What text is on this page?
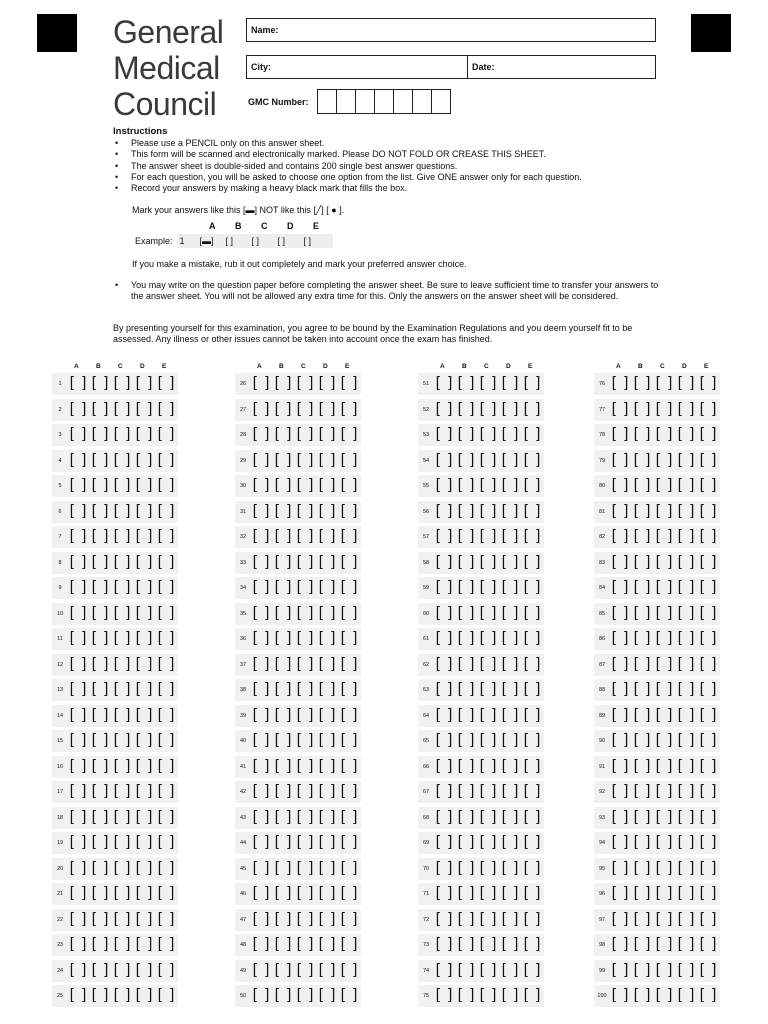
General
Medical
Council
Name:
City:	Date:
GMC Number:
Instructions
• Please use a PENCIL only on this answer sheet.
• This form will be scanned and electronically marked. Please DO NOT FOLD OR CREASE THIS SHEET.
• The answer sheet is double-sided and contains 200 single best answer questions.
• For each question, you will be asked to choose one option from the list. Give ONE answer only for each question.
• Record your answers by making a heavy black mark that fills the box.
Mark your answers like this [▬] NOT like this [╱] [ ● ].
A	B	C	D	E
Example: 1	[▬]	[ ]	[ ]	[ ]	[ ]
If you make a mistake, rub it out completely and mark your preferred answer choice.
• You may write on the question paper before completing the answer sheet. Be sure to leave sufficient time to transfer your answers to the answer sheet. You will not be allowed any extra time for this. Only the answers on the answer sheet will be considered.
By presenting yourself for this examination, you agree to be bound by the Examination Regulations and you deem yourself fit to be assessed. Any illness or other issues cannot be taken into account once the exam has finished.
A	B	C	D	E
1 [ ] [ ] [ ] [ ] [ ]
2 [ ] [ ] [ ] [ ] [ ]
3 [ ] [ ] [ ] [ ] [ ]
4 [ ] [ ] [ ] [ ] [ ]
5 [ ] [ ] [ ] [ ] [ ]
6 [ ] [ ] [ ] [ ] [ ]
7 [ ] [ ] [ ] [ ] [ ]
8 [ ] [ ] [ ] [ ] [ ]
9 [ ] [ ] [ ] [ ] [ ]
10 [ ] [ ] [ ] [ ] [ ]
11 [ ] [ ] [ ] [ ] [ ]
12 [ ] [ ] [ ] [ ] [ ]
13 [ ] [ ] [ ] [ ] [ ]
14 [ ] [ ] [ ] [ ] [ ]
15 [ ] [ ] [ ] [ ] [ ]
16 [ ] [ ] [ ] [ ] [ ]
17 [ ] [ ] [ ] [ ] [ ]
18 [ ] [ ] [ ] [ ] [ ]
19 [ ] [ ] [ ] [ ] [ ]
20 [ ] [ ] [ ] [ ] [ ]
21 [ ] [ ] [ ] [ ] [ ]
22 [ ] [ ] [ ] [ ] [ ]
23 [ ] [ ] [ ] [ ] [ ]
24 [ ] [ ] [ ] [ ] [ ]
25 [ ] [ ] [ ] [ ] [ ]
A	B	C	D	E
26 [ ] [ ] [ ] [ ] [ ]
27 [ ] [ ] [ ] [ ] [ ]
28 [ ] [ ] [ ] [ ] [ ]
29 [ ] [ ] [ ] [ ] [ ]
30 [ ] [ ] [ ] [ ] [ ]
31 [ ] [ ] [ ] [ ] [ ]
32 [ ] [ ] [ ] [ ] [ ]
33 [ ] [ ] [ ] [ ] [ ]
34 [ ] [ ] [ ] [ ] [ ]
35 [ ] [ ] [ ] [ ] [ ]
36 [ ] [ ] [ ] [ ] [ ]
37 [ ] [ ] [ ] [ ] [ ]
38 [ ] [ ] [ ] [ ] [ ]
39 [ ] [ ] [ ] [ ] [ ]
40 [ ] [ ] [ ] [ ] [ ]
41 [ ] [ ] [ ] [ ] [ ]
42 [ ] [ ] [ ] [ ] [ ]
43 [ ] [ ] [ ] [ ] [ ]
44 [ ] [ ] [ ] [ ] [ ]
45 [ ] [ ] [ ] [ ] [ ]
46 [ ] [ ] [ ] [ ] [ ]
47 [ ] [ ] [ ] [ ] [ ]
48 [ ] [ ] [ ] [ ] [ ]
49 [ ] [ ] [ ] [ ] [ ]
50 [ ] [ ] [ ] [ ] [ ]
A	B	C	D	E
51 [ ] [ ] [ ] [ ] [ ]
52 [ ] [ ] [ ] [ ] [ ]
53 [ ] [ ] [ ] [ ] [ ]
54 [ ] [ ] [ ] [ ] [ ]
55 [ ] [ ] [ ] [ ] [ ]
56 [ ] [ ] [ ] [ ] [ ]
57 [ ] [ ] [ ] [ ] [ ]
58 [ ] [ ] [ ] [ ] [ ]
59 [ ] [ ] [ ] [ ] [ ]
60 [ ] [ ] [ ] [ ] [ ]
61 [ ] [ ] [ ] [ ] [ ]
62 [ ] [ ] [ ] [ ] [ ]
63 [ ] [ ] [ ] [ ] [ ]
64 [ ] [ ] [ ] [ ] [ ]
65 [ ] [ ] [ ] [ ] [ ]
66 [ ] [ ] [ ] [ ] [ ]
67 [ ] [ ] [ ] [ ] [ ]
68 [ ] [ ] [ ] [ ] [ ]
69 [ ] [ ] [ ] [ ] [ ]
70 [ ] [ ] [ ] [ ] [ ]
71 [ ] [ ] [ ] [ ] [ ]
72 [ ] [ ] [ ] [ ] [ ]
73 [ ] [ ] [ ] [ ] [ ]
74 [ ] [ ] [ ] [ ] [ ]
75 [ ] [ ] [ ] [ ] [ ]
A	B	C	D	E
76 [ ] [ ] [ ] [ ] [ ]
77 [ ] [ ] [ ] [ ] [ ]
78 [ ] [ ] [ ] [ ] [ ]
79 [ ] [ ] [ ] [ ] [ ]
80 [ ] [ ] [ ] [ ] [ ]
81 [ ] [ ] [ ] [ ] [ ]
82 [ ] [ ] [ ] [ ] [ ]
83 [ ] [ ] [ ] [ ] [ ]
84 [ ] [ ] [ ] [ ] [ ]
85 [ ] [ ] [ ] [ ] [ ]
86 [ ] [ ] [ ] [ ] [ ]
87 [ ] [ ] [ ] [ ] [ ]
88 [ ] [ ] [ ] [ ] [ ]
89 [ ] [ ] [ ] [ ] [ ]
90 [ ] [ ] [ ] [ ] [ ]
91 [ ] [ ] [ ] [ ] [ ]
92 [ ] [ ] [ ] [ ] [ ]
93 [ ] [ ] [ ] [ ] [ ]
94 [ ] [ ] [ ] [ ] [ ]
95 [ ] [ ] [ ] [ ] [ ]
96 [ ] [ ] [ ] [ ] [ ]
97 [ ] [ ] [ ] [ ] [ ]
98 [ ] [ ] [ ] [ ] [ ]
99 [ ] [ ] [ ] [ ] [ ]
100 [ ] [ ] [ ] [ ] [ ]
